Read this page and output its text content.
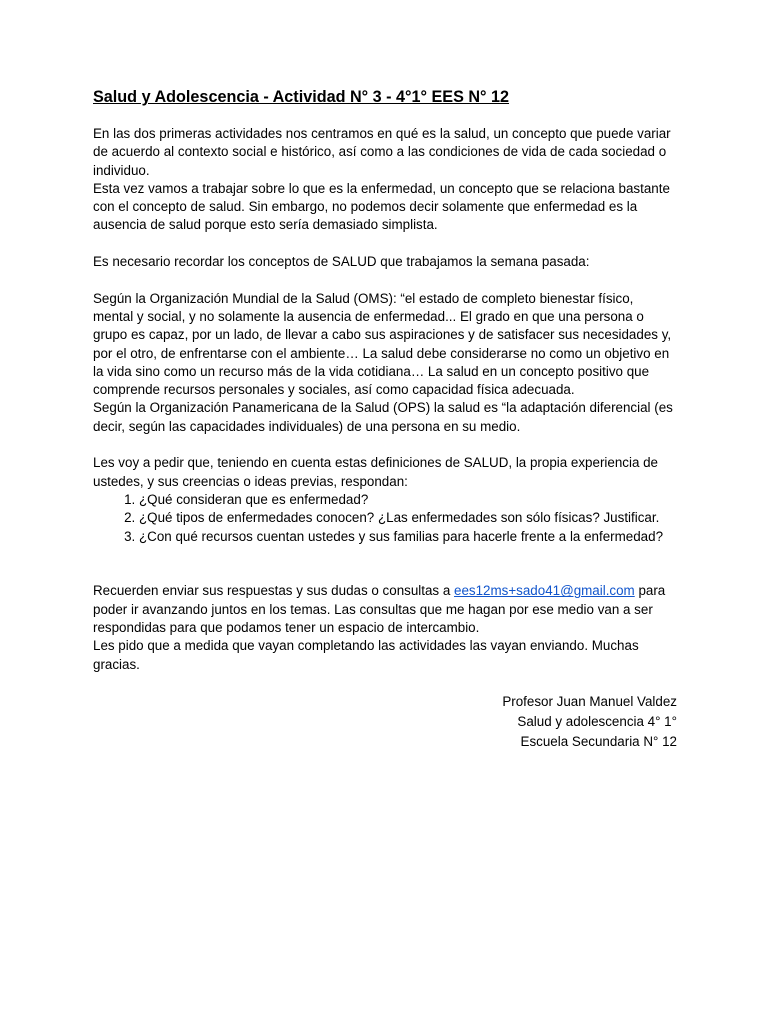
Salud y Adolescencia - Actividad N° 3 - 4°1° EES N° 12

En las dos primeras actividades nos centramos en qué es la salud, un concepto que puede variar de acuerdo al contexto social e histórico, así como a las condiciones de vida de cada sociedad o individuo.

Esta vez vamos a trabajar sobre lo que es la enfermedad, un concepto que se relaciona bastante con el concepto de salud. Sin embargo, no podemos decir solamente que enfermedad es la ausencia de salud porque esto sería demasiado simplista.

Es necesario recordar los conceptos de SALUD que trabajamos la semana pasada:

Según la Organización Mundial de la Salud (OMS): “el estado de completo bienestar físico, mental y social, y no solamente la ausencia de enfermedad... El grado en que una persona o grupo es capaz, por un lado, de llevar a cabo sus aspiraciones y de satisfacer sus necesidades y, por el otro, de enfrentarse con el ambiente… La salud debe considerarse no como un objetivo en la vida sino como un recurso más de la vida cotidiana… La salud en un concepto positivo que comprende recursos personales y sociales, así como capacidad física adecuada.

Según la Organización Panamericana de la Salud (OPS) la salud es “la adaptación diferencial (es decir, según las capacidades individuales) de una persona en su medio.

Les voy a pedir que, teniendo en cuenta estas definiciones de SALUD, la propia experiencia de ustedes, y sus creencias o ideas previas, respondan:

1. ¿Qué consideran que es enfermedad?
2. ¿Qué tipos de enfermedades conocen? ¿Las enfermedades son sólo físicas? Justificar.
3. ¿Con qué recursos cuentan ustedes y sus familias para hacerle frente a la enfermedad?

Recuerden enviar sus respuestas y sus dudas o consultas a ees12ms+sado41@gmail.com para poder ir avanzando juntos en los temas. Las consultas que me hagan por ese medio van a ser respondidas para que podamos tener un espacio de intercambio.

Les pido que a medida que vayan completando las actividades las vayan enviando. Muchas gracias.

Profesor Juan Manuel Valdez
Salud y adolescencia 4° 1°
Escuela Secundaria N° 12
